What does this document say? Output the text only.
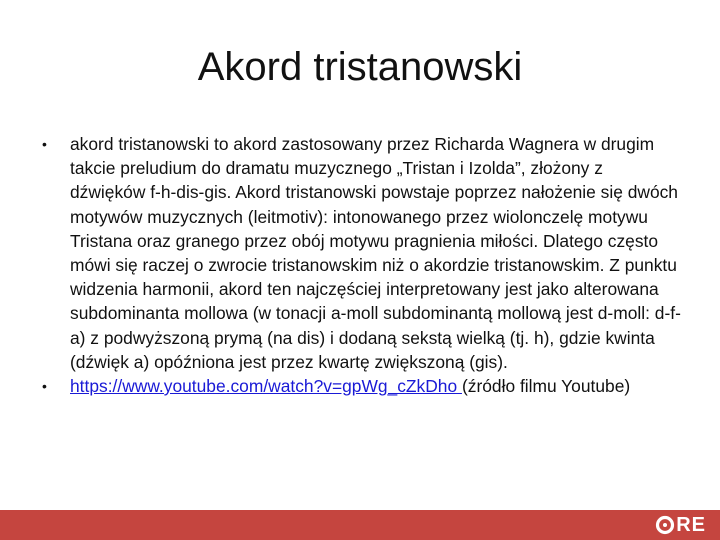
Akord tristanowski

•	akord tristanowski to akord zastosowany przez Richarda Wagnera w drugim takcie preludium do dramatu muzycznego „Tristan i Izolda”, złożony z dźwięków f-h-dis-gis. Akord tristanowski powstaje poprzez nałożenie się dwóch motywów muzycznych (leitmotiv): intonowanego przez wiolonczelę motywu Tristana oraz granego przez obój motywu pragnienia miłości. Dlatego często mówi się raczej o zwrocie tristanowskim niż o akordzie tristanowskim. Z punktu widzenia harmonii, akord ten najczęściej interpretowany jest jako alterowana subdominanta mollowa (w tonacji a-moll subdominantą mollową jest d-moll: d-f-a) z podwyższoną prymą (na dis) i dodaną sekstą wielką (tj. h), gdzie kwinta (dźwięk a) opóźniona jest przez kwartę zwiększoną (gis).

•	https://www.youtube.com/watch?v=gpWg_cZkDho (źródło filmu Youtube)

RE
